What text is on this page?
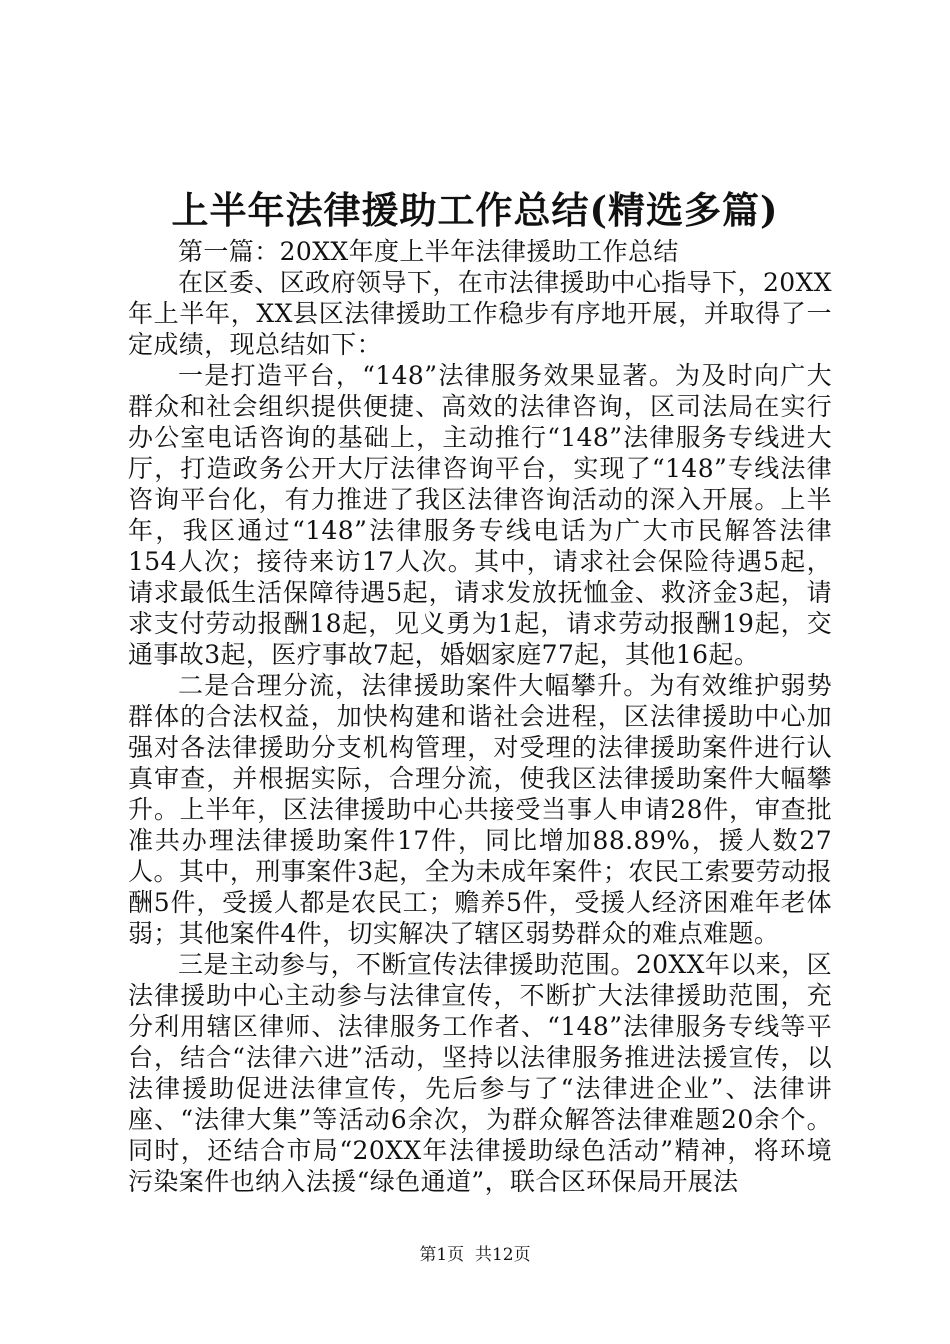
上半年法律援助工作总结(精选多篇)

第一篇：20XX年度上半年法律援助工作总结

在区委、区政府领导下，在市法律援助中心指导下，20XX年上半年，XX县区法律援助工作稳步有序地开展，并取得了一定成绩，现总结如下：

一是打造平台，“148”法律服务效果显著。为及时向广大群众和社会组织提供便捷、高效的法律咨询，区司法局在实行办公室电话咨询的基础上，主动推行“148”法律服务专线进大厅，打造政务公开大厅法律咨询平台，实现了“148”专线法律咨询平台化，有力推进了我区法律咨询活动的深入开展。上半年，我区通过“148”法律服务专线电话为广大市民解答法律154人次；接待来访17人次。其中，请求社会保险待遇5起，请求最低生活保障待遇5起，请求发放抚恤金、救济金3起，请求支付劳动报酬18起，见义勇为1起，请求劳动报酬19起，交通事故3起，医疗事故7起，婚姻家庭77起，其他16起。

二是合理分流，法律援助案件大幅攀升。为有效维护弱势群体的合法权益，加快构建和谐社会进程，区法律援助中心加强对各法律援助分支机构管理，对受理的法律援助案件进行认真审查，并根据实际，合理分流，使我区法律援助案件大幅攀升。上半年，区法律援助中心共接受当事人申请28件，审查批准共办理法律援助案件17件，同比增加88.89%，援人数27人。其中，刑事案件3起，全为未成年案件；农民工索要劳动报酬5件，受援人都是农民工；赡养5件，受援人经济困难年老体弱；其他案件4件，切实解决了辖区弱势群众的难点难题。

三是主动参与，不断宣传法律援助范围。20XX年以来，区法律援助中心主动参与法律宣传，不断扩大法律援助范围，充分利用辖区律师、法律服务工作者、“148”法律服务专线等平台，结合“法律六进”活动，坚持以法律服务推进法援宣传，以法律援助促进法律宣传，先后参与了“法律进企业”、法律讲座、“法律大集”等活动6余次，为群众解答法律难题20余个。同时，还结合市局“20XX年法律援助绿色活动”精神，将环境污染案件也纳入法援“绿色通道”，联合区环保局开展法

第1页  共12页
